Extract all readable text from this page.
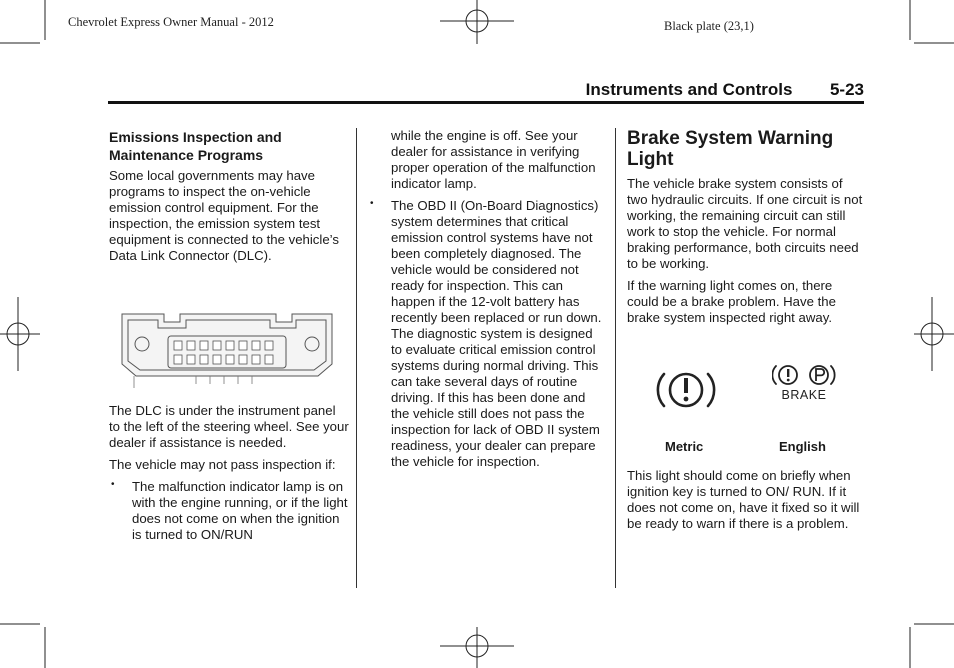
Chevrolet Express Owner Manual - 2012	Black plate (23,1)
Instruments and Controls 5-23
Emissions Inspection and Maintenance Programs

Some local governments may have programs to inspect the on-vehicle emission control equipment. For the inspection, the emission system test equipment is connected to the vehicle’s Data Link Connector (DLC).

The DLC is under the instrument panel to the left of the steering wheel. See your dealer if assistance is needed.

The vehicle may not pass inspection if:

• The malfunction indicator lamp is on with the engine running, or if the light does not come on when the ignition is turned to ON/RUN

while the engine is off. See your dealer for assistance in verifying proper operation of the malfunction indicator lamp.

• The OBD II (On-Board Diagnostics) system determines that critical emission control systems have not been completely diagnosed. The vehicle would be considered not ready for inspection. This can happen if the 12-volt battery has recently been replaced or run down. The diagnostic system is designed to evaluate critical emission control systems during normal driving. This can take several days of routine driving. If this has been done and the vehicle still does not pass the inspection for lack of OBD II system readiness, your dealer can prepare the vehicle for inspection.
Brake System Warning Light

The vehicle brake system consists of two hydraulic circuits. If one circuit is not working, the remaining circuit can still work to stop the vehicle. For normal braking performance, both circuits need to be working.

If the warning light comes on, there could be a brake problem. Have the brake system inspected right away.

BRAKE
Metric	English

This light should come on briefly when ignition key is turned to ON/ RUN. If it does not come on, have it fixed so it will be ready to warn if there is a problem.
